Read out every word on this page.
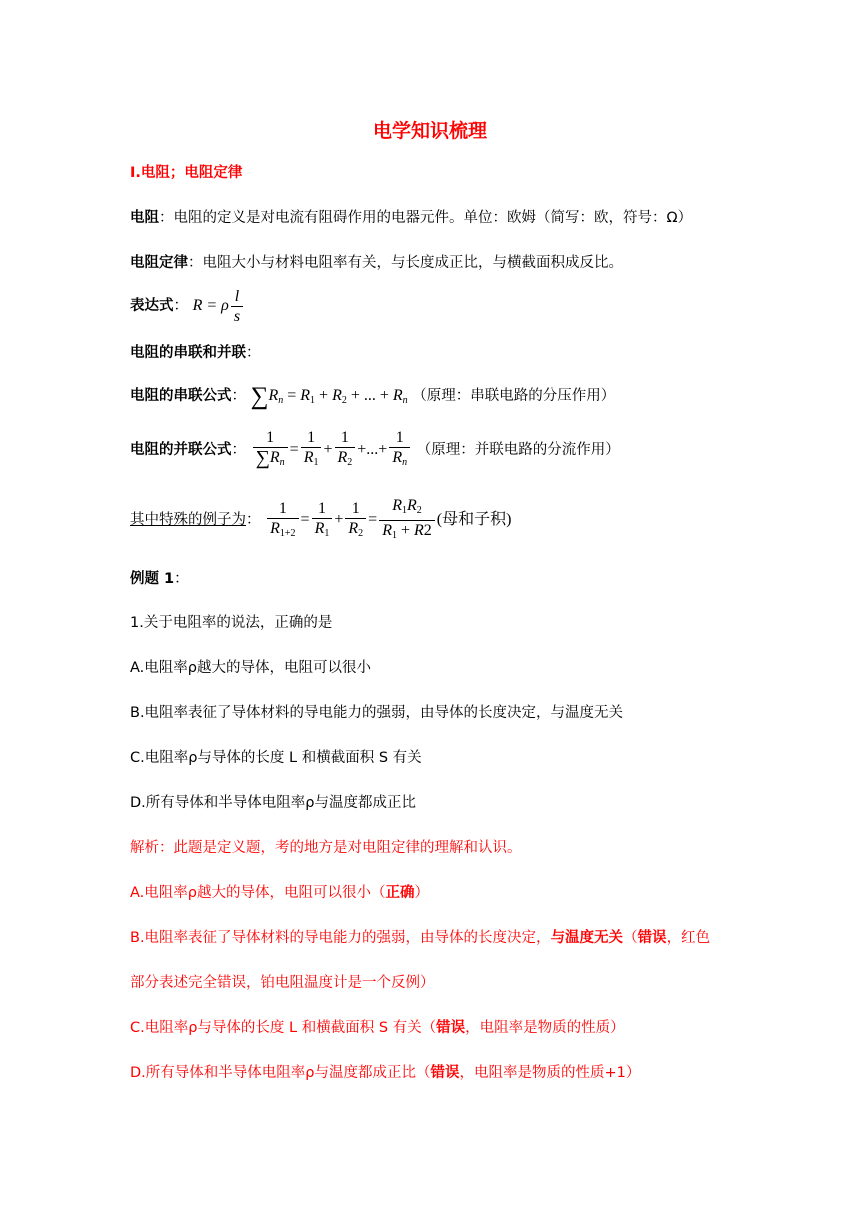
电学知识梳理
Ⅰ.电阻；电阻定律
电阻：电阻的定义是对电流有阻碍作用的电器元件。单位：欧姆（简写：欧，符号：Ω）
电阻定律：电阻大小与材料电阻率有关，与长度成正比，与横截面积成反比。
表达式： R = ρ $\frac{l}{s}$
电阻的串联和并联：
电阻的串联公式： $\sum R_n = R_1 + R_2$ + ... + $R_n$ （原理：串联电路的分压作用）
电阻的并联公式： $\frac{1}{\sum R_n} = \frac{1}{R_1} + \frac{1}{R_2}$ +...+ $\frac{1}{R_n}$ （原理：并联电路的分流作用）
其中特殊的例子为： $\frac{1}{R_{1+2}} = \frac{1}{R_1} + \frac{1}{R_2} = \frac{R_1R_2}{R_1 + R2}$ (母和子积)
例题 1：
1.关于电阻率的说法，正确的是
A.电阻率ρ越大的导体，电阻可以很小
B.电阻率表征了导体材料的导电能力的强弱，由导体的长度决定，与温度无关
C.电阻率ρ与导体的长度 L 和横截面积 S 有关
D.所有导体和半导体电阻率ρ与温度都成正比
解析：此题是定义题，考的地方是对电阻定律的理解和认识。
A.电阻率ρ越大的导体，电阻可以很小（正确）
B.电阻率表征了导体材料的导电能力的强弱，由导体的长度决定，与温度无关（错误，红色
部分表述完全错误，铂电阻温度计是一个反例）
C.电阻率ρ与导体的长度 L 和横截面积 S 有关（错误，电阻率是物质的性质）
D.所有导体和半导体电阻率ρ与温度都成正比（错误，电阻率是物质的性质+1）
